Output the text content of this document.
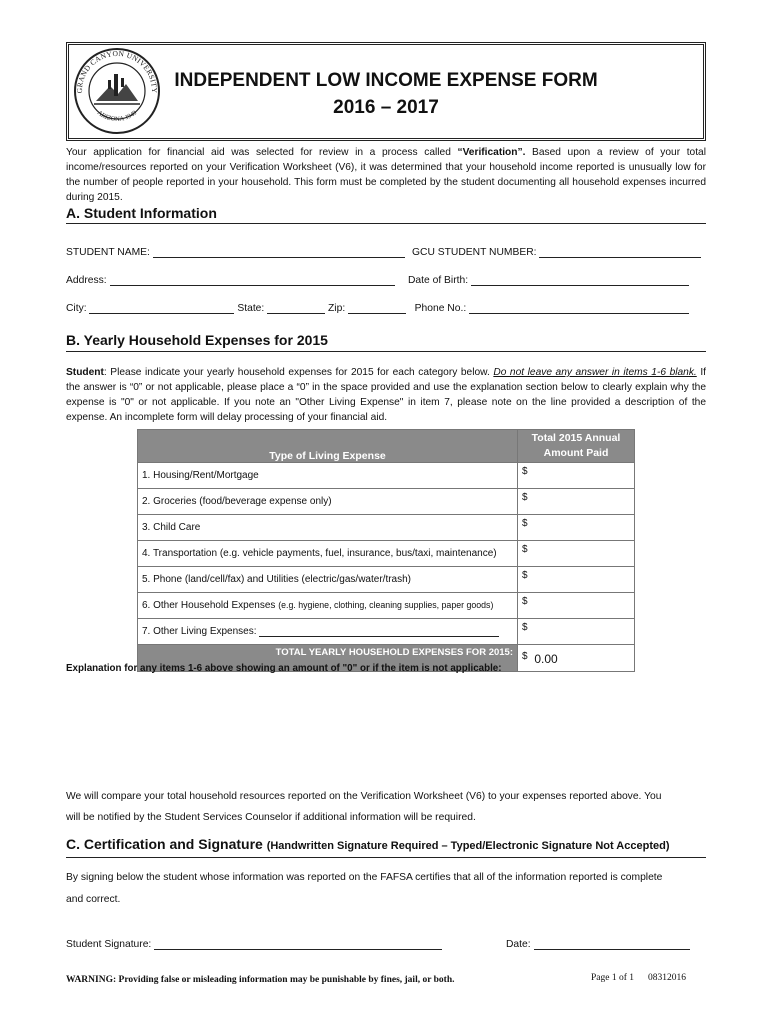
GRAND CANYON UNIVERSITY
ARIZONA 1949
INDEPENDENT LOW INCOME EXPENSE FORM
2016 – 2017
Your application for financial aid was selected for review in a process called “Verification”. Based upon a review of your total income/resources reported on your Verification Worksheet (V6), it was determined that your household income reported is unusually low for the number of people reported in your household. This form must be completed by the student documenting all household expenses incurred during 2015.
A. Student Information
STUDENT NAME:	GCU STUDENT NUMBER:
Address:	Date of Birth:
City:	State:	Zip:	Phone No.:
B. Yearly Household Expenses for 2015
Student: Please indicate your yearly household expenses for 2015 for each category below. Do not leave any answer in items 1-6 blank. If the answer is “0” or not applicable, please place a “0” in the space provided and use the explanation section below to clearly explain why the expense is "0" or not applicable. If you note an "Other Living Expense" in item 7, please note on the line provided a description of the expense. An incomplete form will delay processing of your financial aid.
Type of Living Expense	Total 2015 Annual
Amount Paid
1. Housing/Rent/Mortgage	$
2. Groceries (food/beverage expense only)	$
3. Child Care	$
4. Transportation (e.g. vehicle payments, fuel, insurance, bus/taxi, maintenance)	$
5. Phone (land/cell/fax) and Utilities (electric/gas/water/trash)	$
6. Other Household Expenses (e.g. hygiene, clothing, cleaning supplies, paper goods)	$
7. Other Living Expenses:	$
TOTAL YEARLY HOUSEHOLD EXPENSES FOR 2015:	$ 0.00
Explanation for any items 1-6 above showing an amount of "0" or if the item is not applicable:
We will compare your total household resources reported on the Verification Worksheet (V6) to your expenses reported above. You
will be notified by the Student Services Counselor if additional information will be required.
C. Certification and Signature (Handwritten Signature Required – Typed/Electronic Signature Not Accepted)
By signing below the student whose information was reported on the FAFSA certifies that all of the information reported is complete
and correct.
Student Signature:	Date:
WARNING: Providing false or misleading information may be punishable by fines, jail, or both.	Page 1 of 1 08312016
